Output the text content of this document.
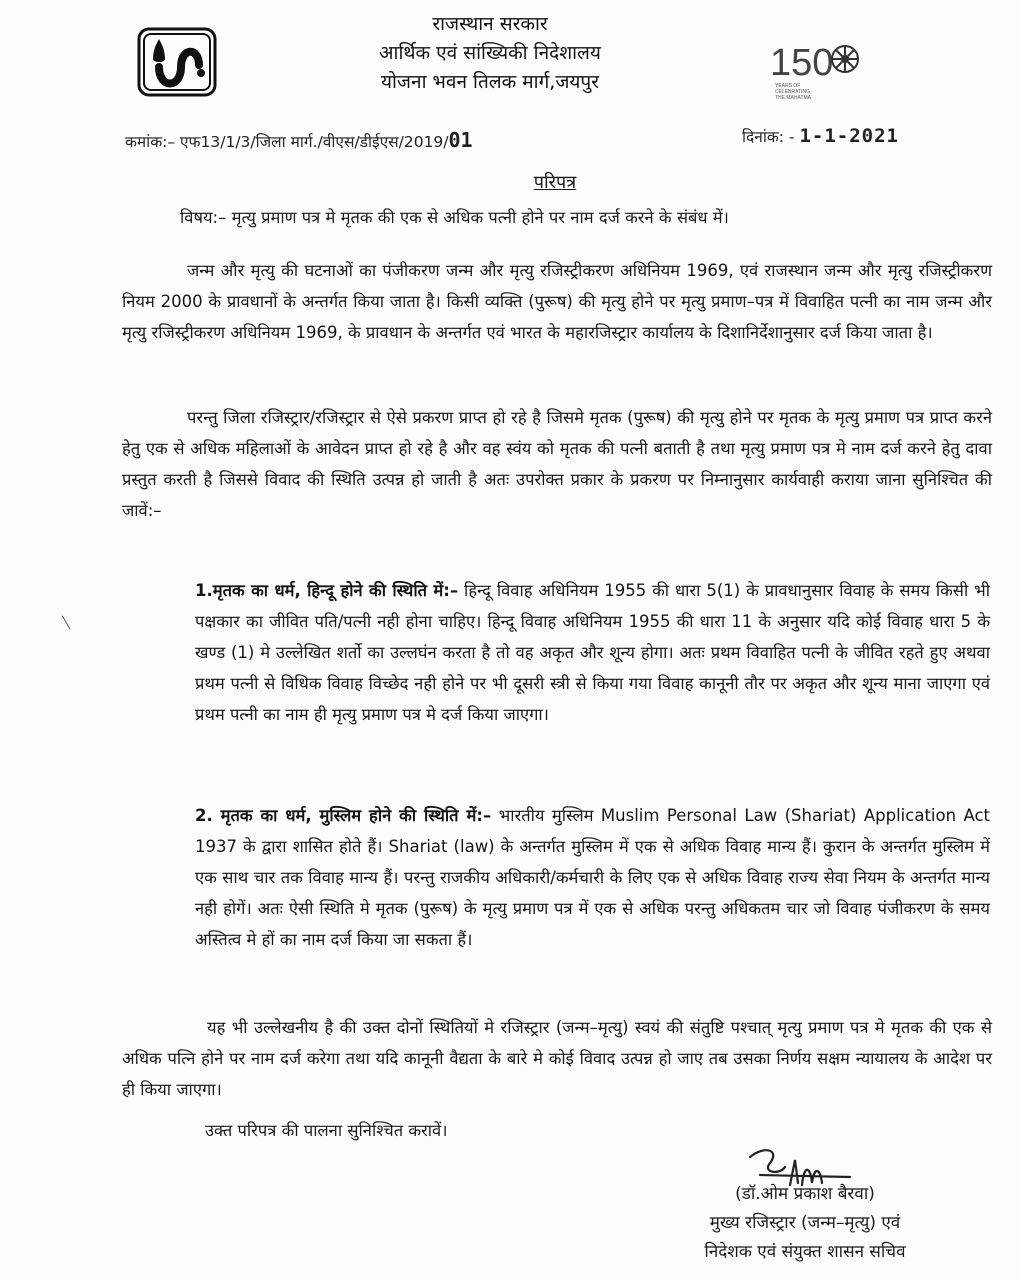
राजस्थान सरकार
आर्थिक एवं सांख्यिकी निदेशालय
योजना भवन तिलक मार्ग,जयपुर	150
YEARS OF
CELEBRATING
THE MAHATMA
कमांक:– एफ13/1/3/जिला मार्ग./वीएस/डीईएस/2019/01	दिनांक: - 1-1-2021
परिपत्र
विषय:– मृत्यु प्रमाण पत्र मे मृतक की एक से अधिक पत्नी होने पर नाम दर्ज करने के संबंध में।
जन्म और मृत्यु की घटनाओं का पंजीकरण जन्म और मृत्यु रजिस्ट्रीकरण अधिनियम 1969, एवं राजस्थान जन्म और मृत्यु रजिस्ट्रीकरण नियम 2000 के प्रावधानों के अन्तर्गत किया जाता है। किसी व्यक्ति (पुरूष) की मृत्यु होने पर मृत्यु प्रमाण–पत्र में विवाहित पत्नी का नाम जन्म और मृत्यु रजिस्ट्रीकरण अधिनियम 1969, के प्रावधान के अन्तर्गत एवं भारत के महारजिस्ट्रार कार्यालय के दिशानिर्देशानुसार दर्ज किया जाता है।
परन्तु जिला रजिस्ट्रार/रजिस्ट्रार से ऐसे प्रकरण प्राप्त हो रहे है जिसमे मृतक (पुरूष) की मृत्यु होने पर मृतक के मृत्यु प्रमाण पत्र प्राप्त करने हेतु एक से अधिक महिलाओं के आवेदन प्राप्त हो रहे है और वह स्वंय को मृतक की पत्नी बताती है तथा मृत्यु प्रमाण पत्र मे नाम दर्ज करने हेतु दावा प्रस्तुत करती है जिससे विवाद की स्थिति उत्पन्न हो जाती है अतः उपरोक्त प्रकार के प्रकरण पर निम्नानुसार कार्यवाही कराया जाना सुनिश्चित की जावें:–
1.मृतक का धर्म, हिन्दू होने की स्थिति में:– हिन्दू विवाह अधिनियम 1955 की धारा 5(1) के प्रावधानुसार विवाह के समय किसी भी पक्षकार का जीवित पति/पत्नी नही होना चाहिए। हिन्दू विवाह अधिनियम 1955 की धारा 11 के अनुसार यदि कोई विवाह धारा 5 के खण्ड (1) मे उल्लेखित शर्तो का उल्लघंन करता है तो वह अकृत और शून्य होगा। अतः प्रथम विवाहित पत्नी के जीवित रहते हुए अथवा प्रथम पत्नी से विधिक विवाह विच्छेद नही होने पर भी दूसरी स्त्री से किया गया विवाह कानूनी तौर पर अकृत और शून्य माना जाएगा एवं प्रथम पत्नी का नाम ही मृत्यु प्रमाण पत्र मे दर्ज किया जाएगा।
2. मृतक का धर्म, मुस्लिम होने की स्थिति में:– भारतीय मुस्लिम Muslim Personal Law (Shariat) Application Act 1937 के द्वारा शासित होते हैं। Shariat (law) के अन्तर्गत मुस्लिम में एक से अधिक विवाह मान्य हैं। कुरान के अन्तर्गत मुस्लिम में एक साथ चार तक विवाह मान्य हैं। परन्तु राजकीय अधिकारी/कर्मचारी के लिए एक से अधिक विवाह राज्य सेवा नियम के अन्तर्गत मान्य नही होगें। अतः ऐसी स्थिति मे मृतक (पुरूष) के मृत्यु प्रमाण पत्र में एक से अधिक परन्तु अधिकतम चार जो विवाह पंजीकरण के समय अस्तित्व मे हों का नाम दर्ज किया जा सकता हैं।
यह भी उल्लेखनीय है की उक्त दोनों स्थितियों मे रजिस्ट्रार (जन्म–मृत्यु) स्वयं की संतुष्टि पश्चात् मृत्यु प्रमाण पत्र मे मृतक की एक से अधिक पत्नि होने पर नाम दर्ज करेगा तथा यदि कानूनी वैद्यता के बारे मे कोई विवाद उत्पन्न हो जाए तब उसका निर्णय सक्षम न्यायालय के आदेश पर ही किया जाएगा।
उक्त परिपत्र की पालना सुनिश्चित करावें।
(डॉ.ओम प्रकाश बैरवा)
मुख्य रजिस्ट्रार (जन्म–मृत्यु) एवं
निदेशक एवं संयुक्त शासन सचिव
